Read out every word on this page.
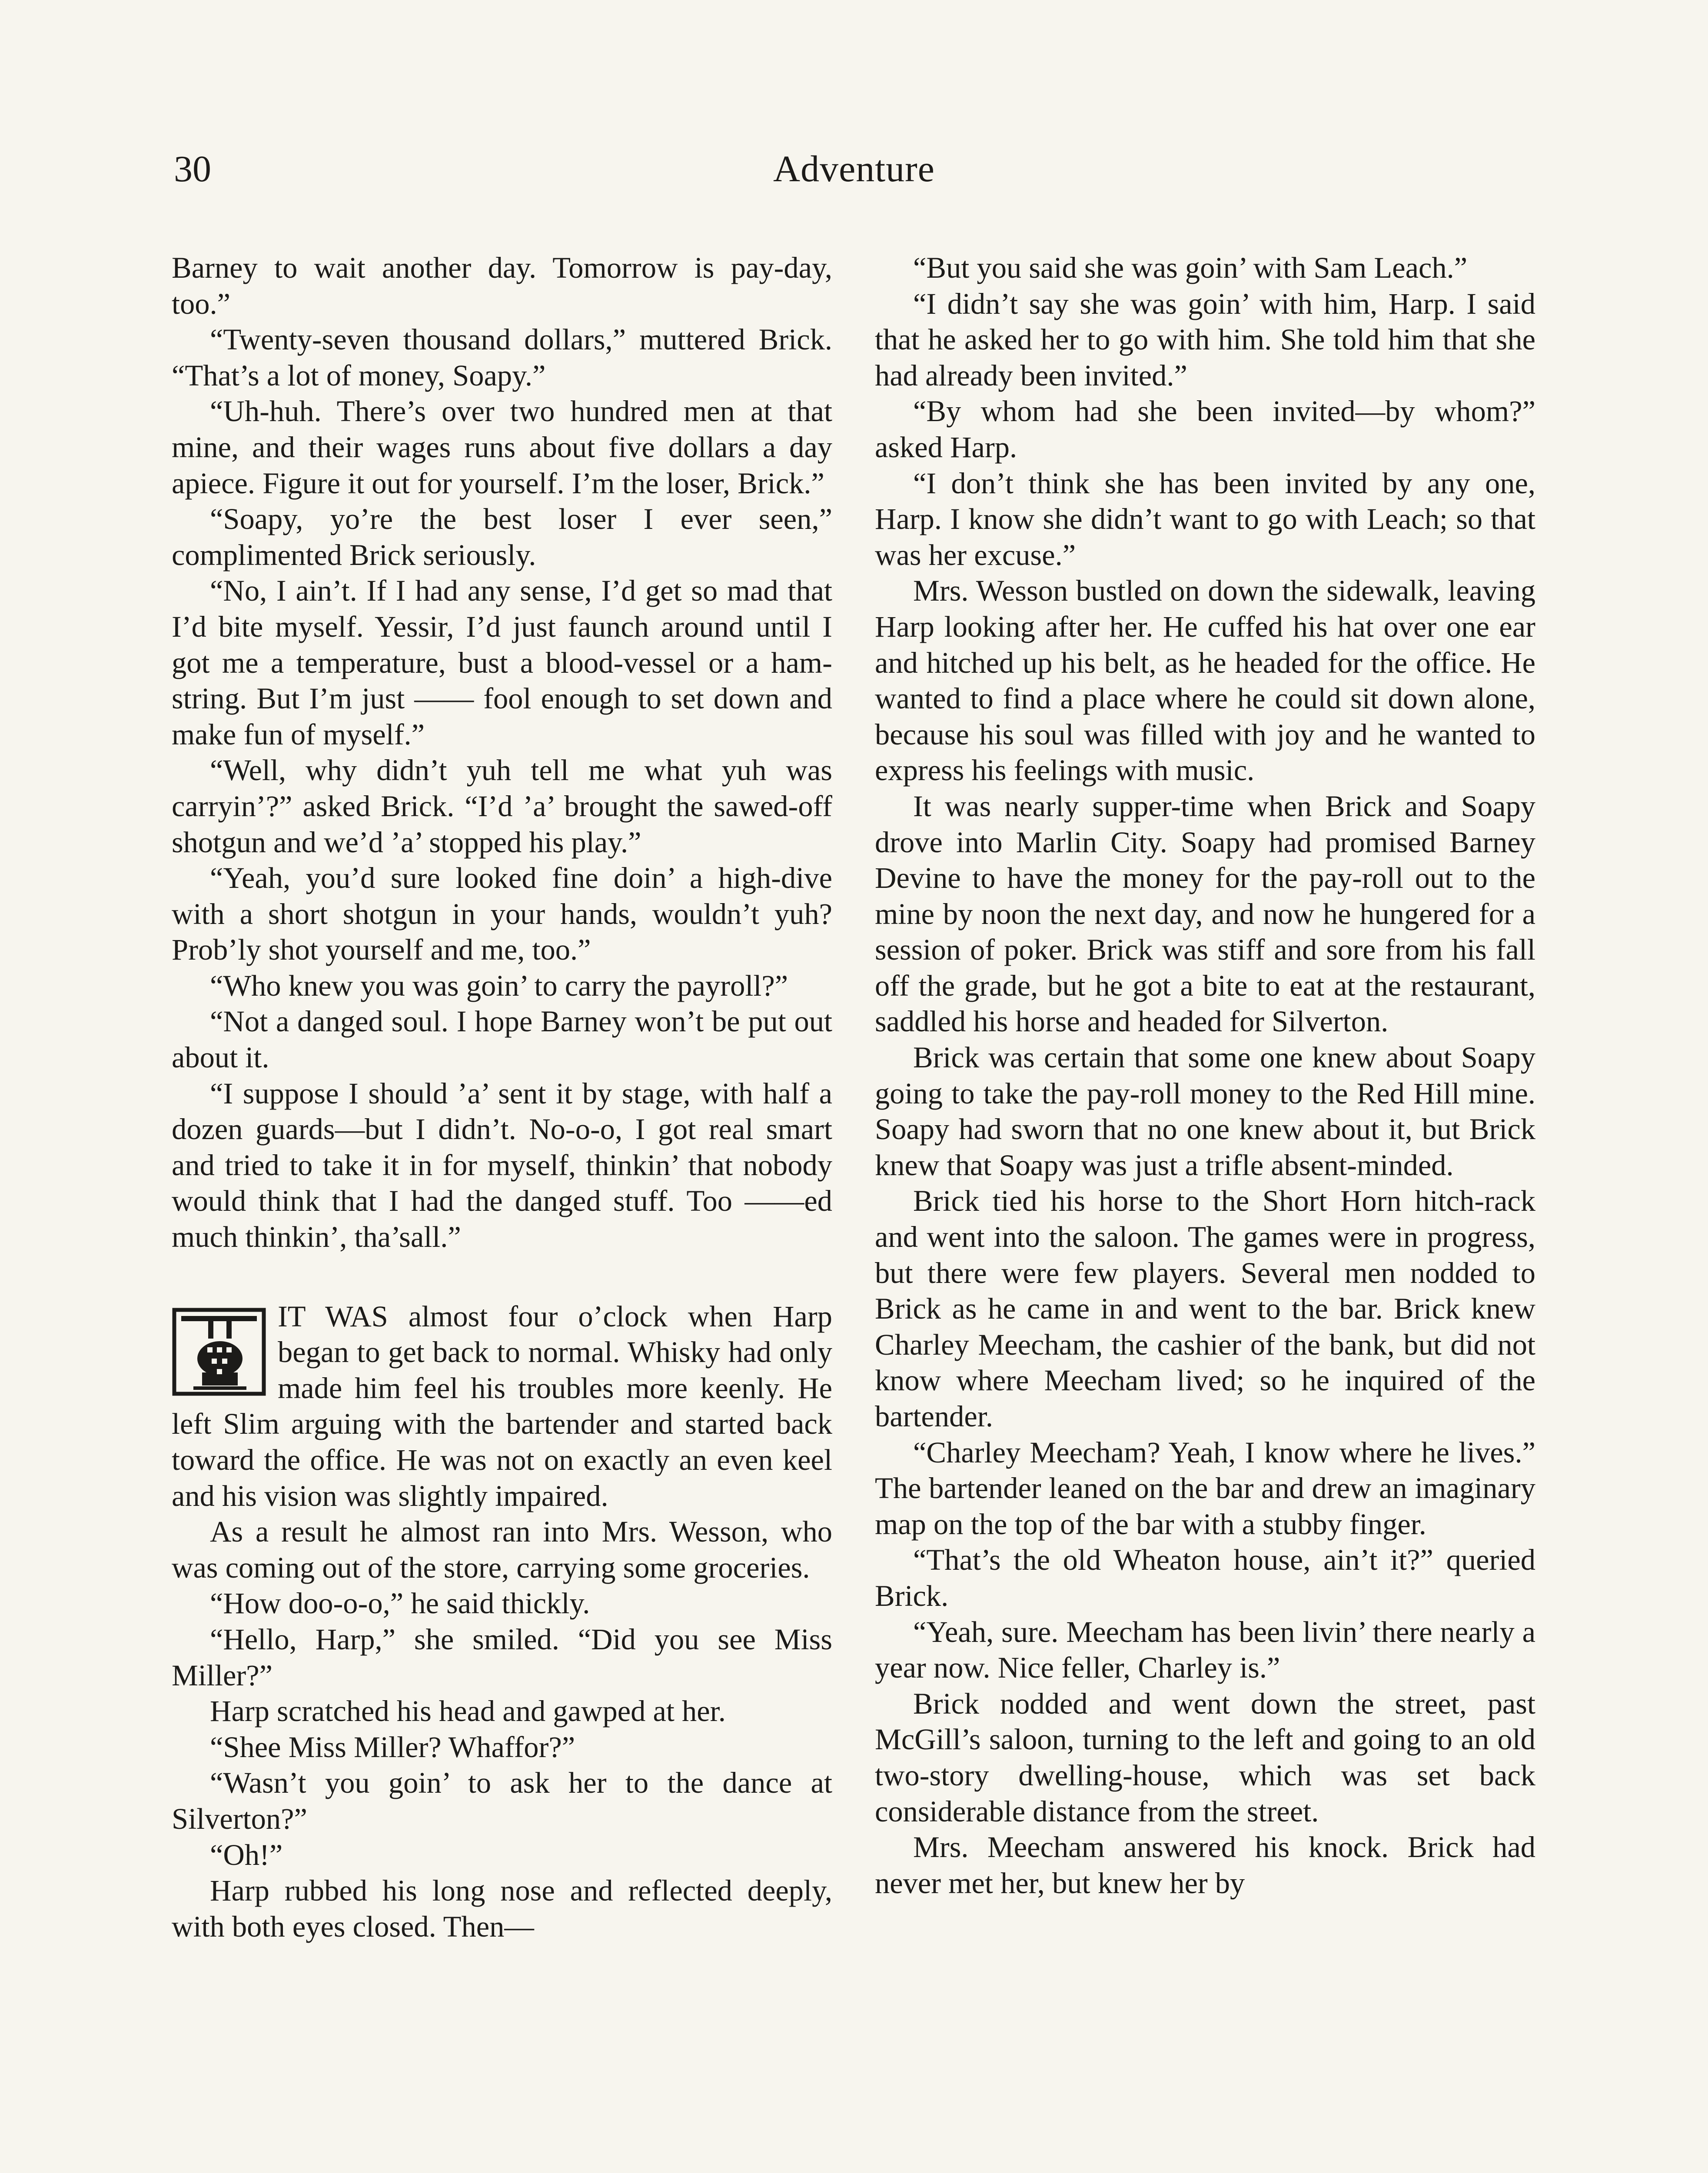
30	Adventure

Barney to wait another day. Tomorrow is pay-day, too.”

“Twenty-seven thousand dollars,” muttered Brick. “That’s a lot of money, Soapy.”

“Uh-huh. There’s over two hundred men at that mine, and their wages runs about five dollars a day apiece. Figure it out for yourself. I’m the loser, Brick.”

“Soapy, yo’re the best loser I ever seen,” complimented Brick seriously.

“No, I ain’t. If I had any sense, I’d get so mad that I’d bite myself. Yessir, I’d just faunch around until I got me a temperature, bust a blood-vessel or a ham-string. But I’m just —— fool enough to set down and make fun of myself.”

“Well, why didn’t yuh tell me what yuh was carryin’?” asked Brick. “I’d ’a’ brought the sawed-off shotgun and we’d ’a’ stopped his play.”

“Yeah, you’d sure looked fine doin’ a high-dive with a short shotgun in your hands, wouldn’t yuh? Prob’ly shot yourself and me, too.”

“Who knew you was goin’ to carry the payroll?”

“Not a danged soul. I hope Barney won’t be put out about it.

“I suppose I should ’a’ sent it by stage, with half a dozen guards—but I didn’t. No-o-o, I got real smart and tried to take it in for myself, thinkin’ that nobody would think that I had the danged stuff. Too ——ed much thinkin’, tha’sall.”

IT WAS almost four o’clock when Harp began to get back to normal. Whisky had only made him feel his troubles more keenly. He left Slim arguing with the bartender and started back toward the office. He was not on exactly an even keel and his vision was slightly impaired.

As a result he almost ran into Mrs. Wesson, who was coming out of the store, carrying some groceries.

“How doo-o-o,” he said thickly.

“Hello, Harp,” she smiled. “Did you see Miss Miller?”

Harp scratched his head and gawped at her.

“Shee Miss Miller? Whaffor?”

“Wasn’t you goin’ to ask her to the dance at Silverton?”

“Oh!”

Harp rubbed his long nose and reflected deeply, with both eyes closed. Then—

“But you said she was goin’ with Sam Leach.”

“I didn’t say she was goin’ with him, Harp. I said that he asked her to go with him. She told him that she had already been invited.”

“By whom had she been invited—by whom?” asked Harp.

“I don’t think she has been invited by any one, Harp. I know she didn’t want to go with Leach; so that was her excuse.”

Mrs. Wesson bustled on down the sidewalk, leaving Harp looking after her. He cuffed his hat over one ear and hitched up his belt, as he headed for the office. He wanted to find a place where he could sit down alone, because his soul was filled with joy and he wanted to express his feelings with music.

It was nearly supper-time when Brick and Soapy drove into Marlin City. Soapy had promised Barney Devine to have the money for the pay-roll out to the mine by noon the next day, and now he hungered for a session of poker. Brick was stiff and sore from his fall off the grade, but he got a bite to eat at the restaurant, saddled his horse and headed for Silverton.

Brick was certain that some one knew about Soapy going to take the pay-roll money to the Red Hill mine. Soapy had sworn that no one knew about it, but Brick knew that Soapy was just a trifle absent-minded.

Brick tied his horse to the Short Horn hitch-rack and went into the saloon. The games were in progress, but there were few players. Several men nodded to Brick as he came in and went to the bar. Brick knew Charley Meecham, the cashier of the bank, but did not know where Meecham lived; so he inquired of the bartender.

“Charley Meecham? Yeah, I know where he lives.” The bartender leaned on the bar and drew an imaginary map on the top of the bar with a stubby finger.

“That’s the old Wheaton house, ain’t it?” queried Brick.

“Yeah, sure. Meecham has been livin’ there nearly a year now. Nice feller, Charley is.”

Brick nodded and went down the street, past McGill’s saloon, turning to the left and going to an old two-story dwelling-house, which was set back considerable distance from the street.

Mrs. Meecham answered his knock. Brick had never met her, but knew her by
